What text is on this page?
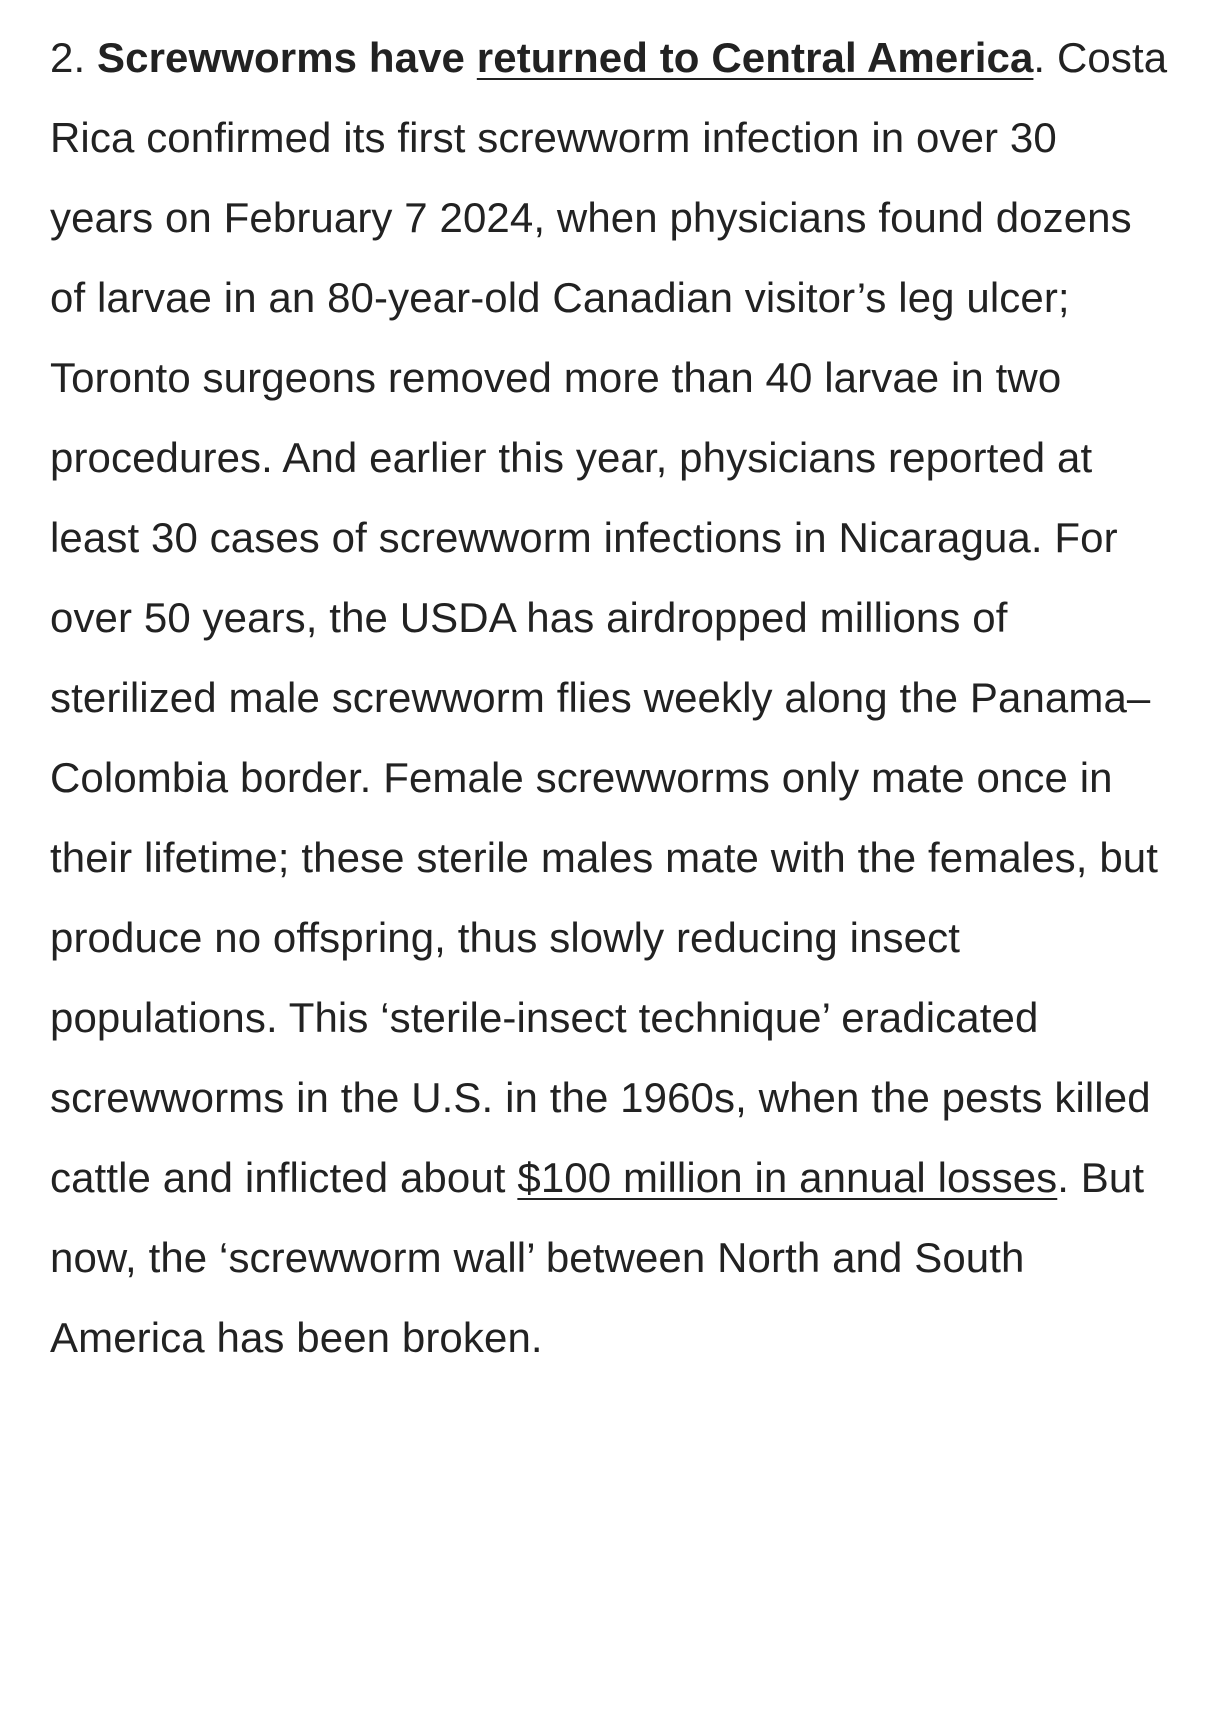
2. Screwworms have returned to Central America. Costa Rica confirmed its first screwworm infection in over 30 years on February 7 2024, when physicians found dozens of larvae in an 80-year-old Canadian visitor’s leg ulcer; Toronto surgeons removed more than 40 larvae in two procedures. And earlier this year, physicians reported at least 30 cases of screwworm infections in Nicaragua. For over 50 years, the USDA has airdropped millions of sterilized male screwworm flies weekly along the Panama–Colombia border. Female screwworms only mate once in their lifetime; these sterile males mate with the females, but produce no offspring, thus slowly reducing insect populations. This ‘sterile-insect technique’ eradicated screwworms in the U.S. in the 1960s, when the pests killed cattle and inflicted about $100 million in annual losses. But now, the ‘screwworm wall’ between North and South America has been broken.
